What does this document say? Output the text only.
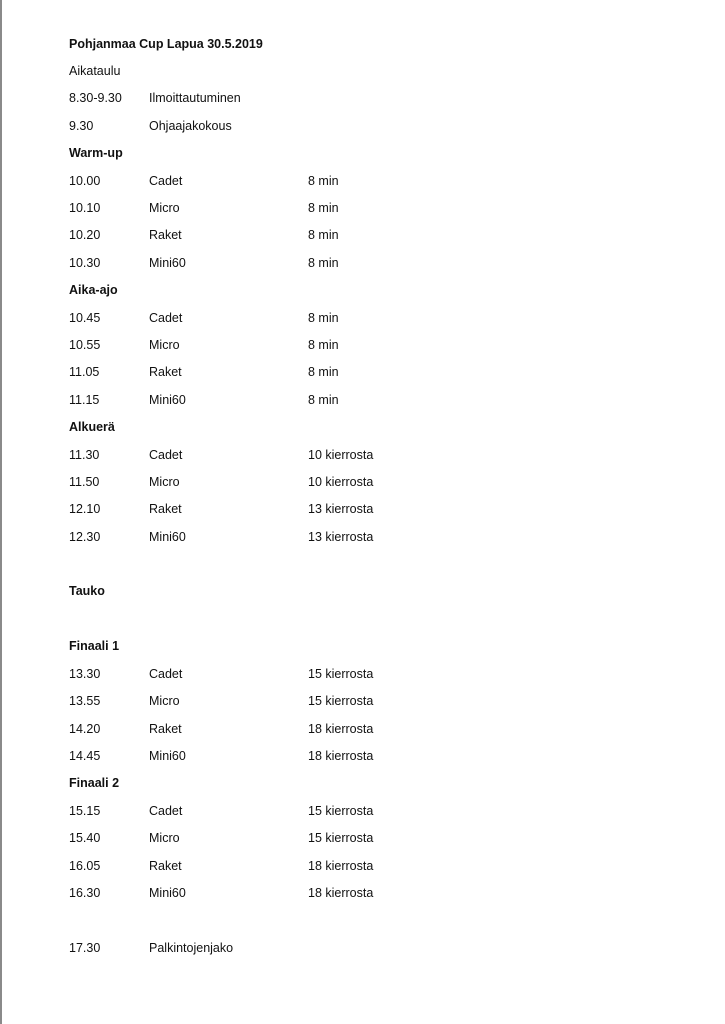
Pohjanmaa Cup Lapua 30.5.2019
Aikataulu
8.30-9.30 Ilmoittautuminen
9.30	Ohjaajakokous
Warm-up
10.00	Cadet	8 min
10.10	Micro	8 min
10.20	Raket	8 min
10.30	Mini60	8 min
Aika-ajo
10.45	Cadet	8 min
10.55	Micro	8 min
11.05	Raket	8 min
11.15	Mini60	8 min
Alkuerä
11.30	Cadet	10 kierrosta
11.50	Micro	10 kierrosta
12.10	Raket	13 kierrosta
12.30	Mini60	13 kierrosta
Tauko
Finaali 1
13.30	Cadet	15 kierrosta
13.55	Micro	15 kierrosta
14.20	Raket	18 kierrosta
14.45	Mini60	18 kierrosta
Finaali 2
15.15	Cadet	15 kierrosta
15.40	Micro	15 kierrosta
16.05	Raket	18 kierrosta
16.30	Mini60	18 kierrosta
17.30	Palkintojenjako
